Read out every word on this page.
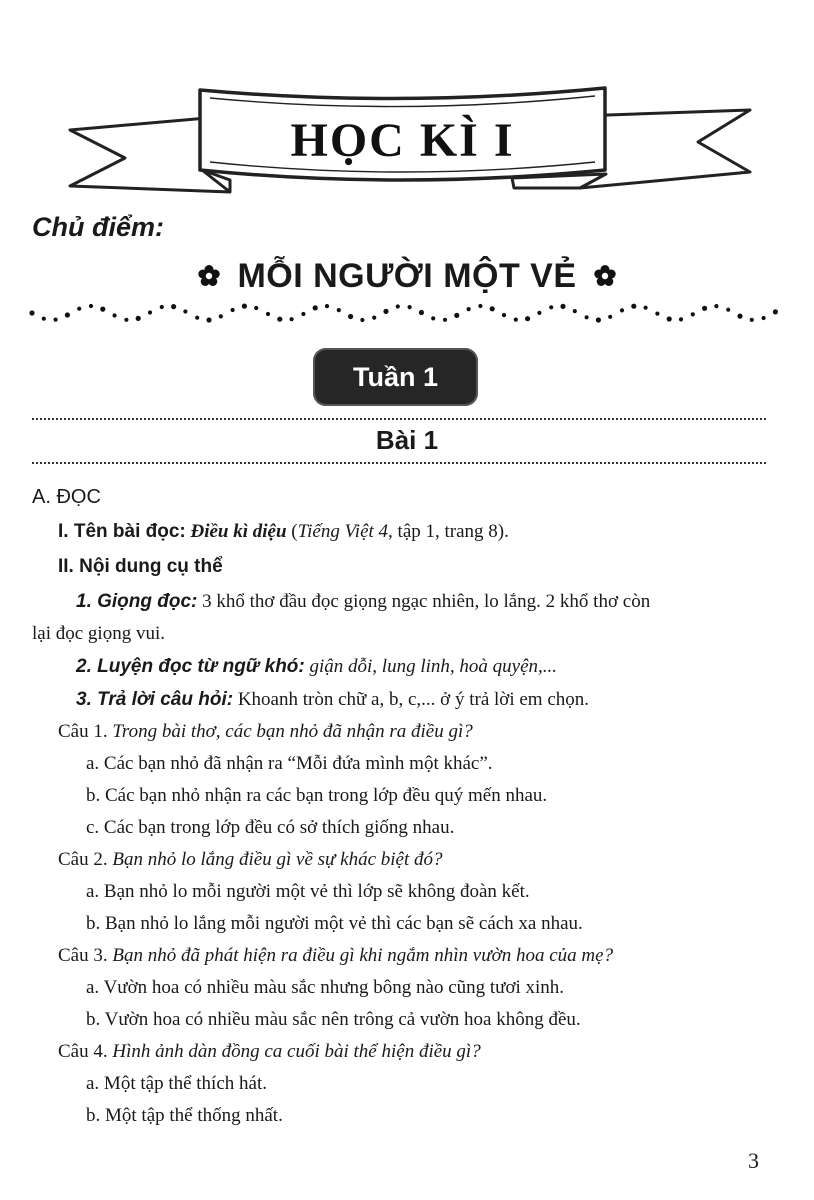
HỌC KÌ I
Chủ điểm:
MỖI NGƯỜI MỘT VẺ
Tuần 1
Bài 1
A. ĐỌC
I. Tên bài đọc: Điều kì diệu (Tiếng Việt 4, tập 1, trang 8).
II. Nội dung cụ thể
1. Giọng đọc: 3 khổ thơ đầu đọc giọng ngạc nhiên, lo lắng. 2 khổ thơ còn
lại đọc giọng vui.
2. Luyện đọc từ ngữ khó: giận dỗi, lung linh, hoà quyện,...
3. Trả lời câu hỏi: Khoanh tròn chữ a, b, c,... ở ý trả lời em chọn.
Câu 1. Trong bài thơ, các bạn nhỏ đã nhận ra điều gì?
a. Các bạn nhỏ đã nhận ra “Mỗi đứa mình một khác”.
b. Các bạn nhỏ nhận ra các bạn trong lớp đều quý mến nhau.
c. Các bạn trong lớp đều có sở thích giống nhau.
Câu 2. Bạn nhỏ lo lắng điều gì về sự khác biệt đó?
a. Bạn nhỏ lo mỗi người một vẻ thì lớp sẽ không đoàn kết.
b. Bạn nhỏ lo lắng mỗi người một vẻ thì các bạn sẽ cách xa nhau.
Câu 3. Bạn nhỏ đã phát hiện ra điều gì khi ngắm nhìn vườn hoa của mẹ?
a. Vườn hoa có nhiều màu sắc nhưng bông nào cũng tươi xinh.
b. Vườn hoa có nhiều màu sắc nên trông cả vườn hoa không đều.
Câu 4. Hình ảnh dàn đồng ca cuối bài thể hiện điều gì?
a. Một tập thể thích hát.
b. Một tập thể thống nhất.
3
